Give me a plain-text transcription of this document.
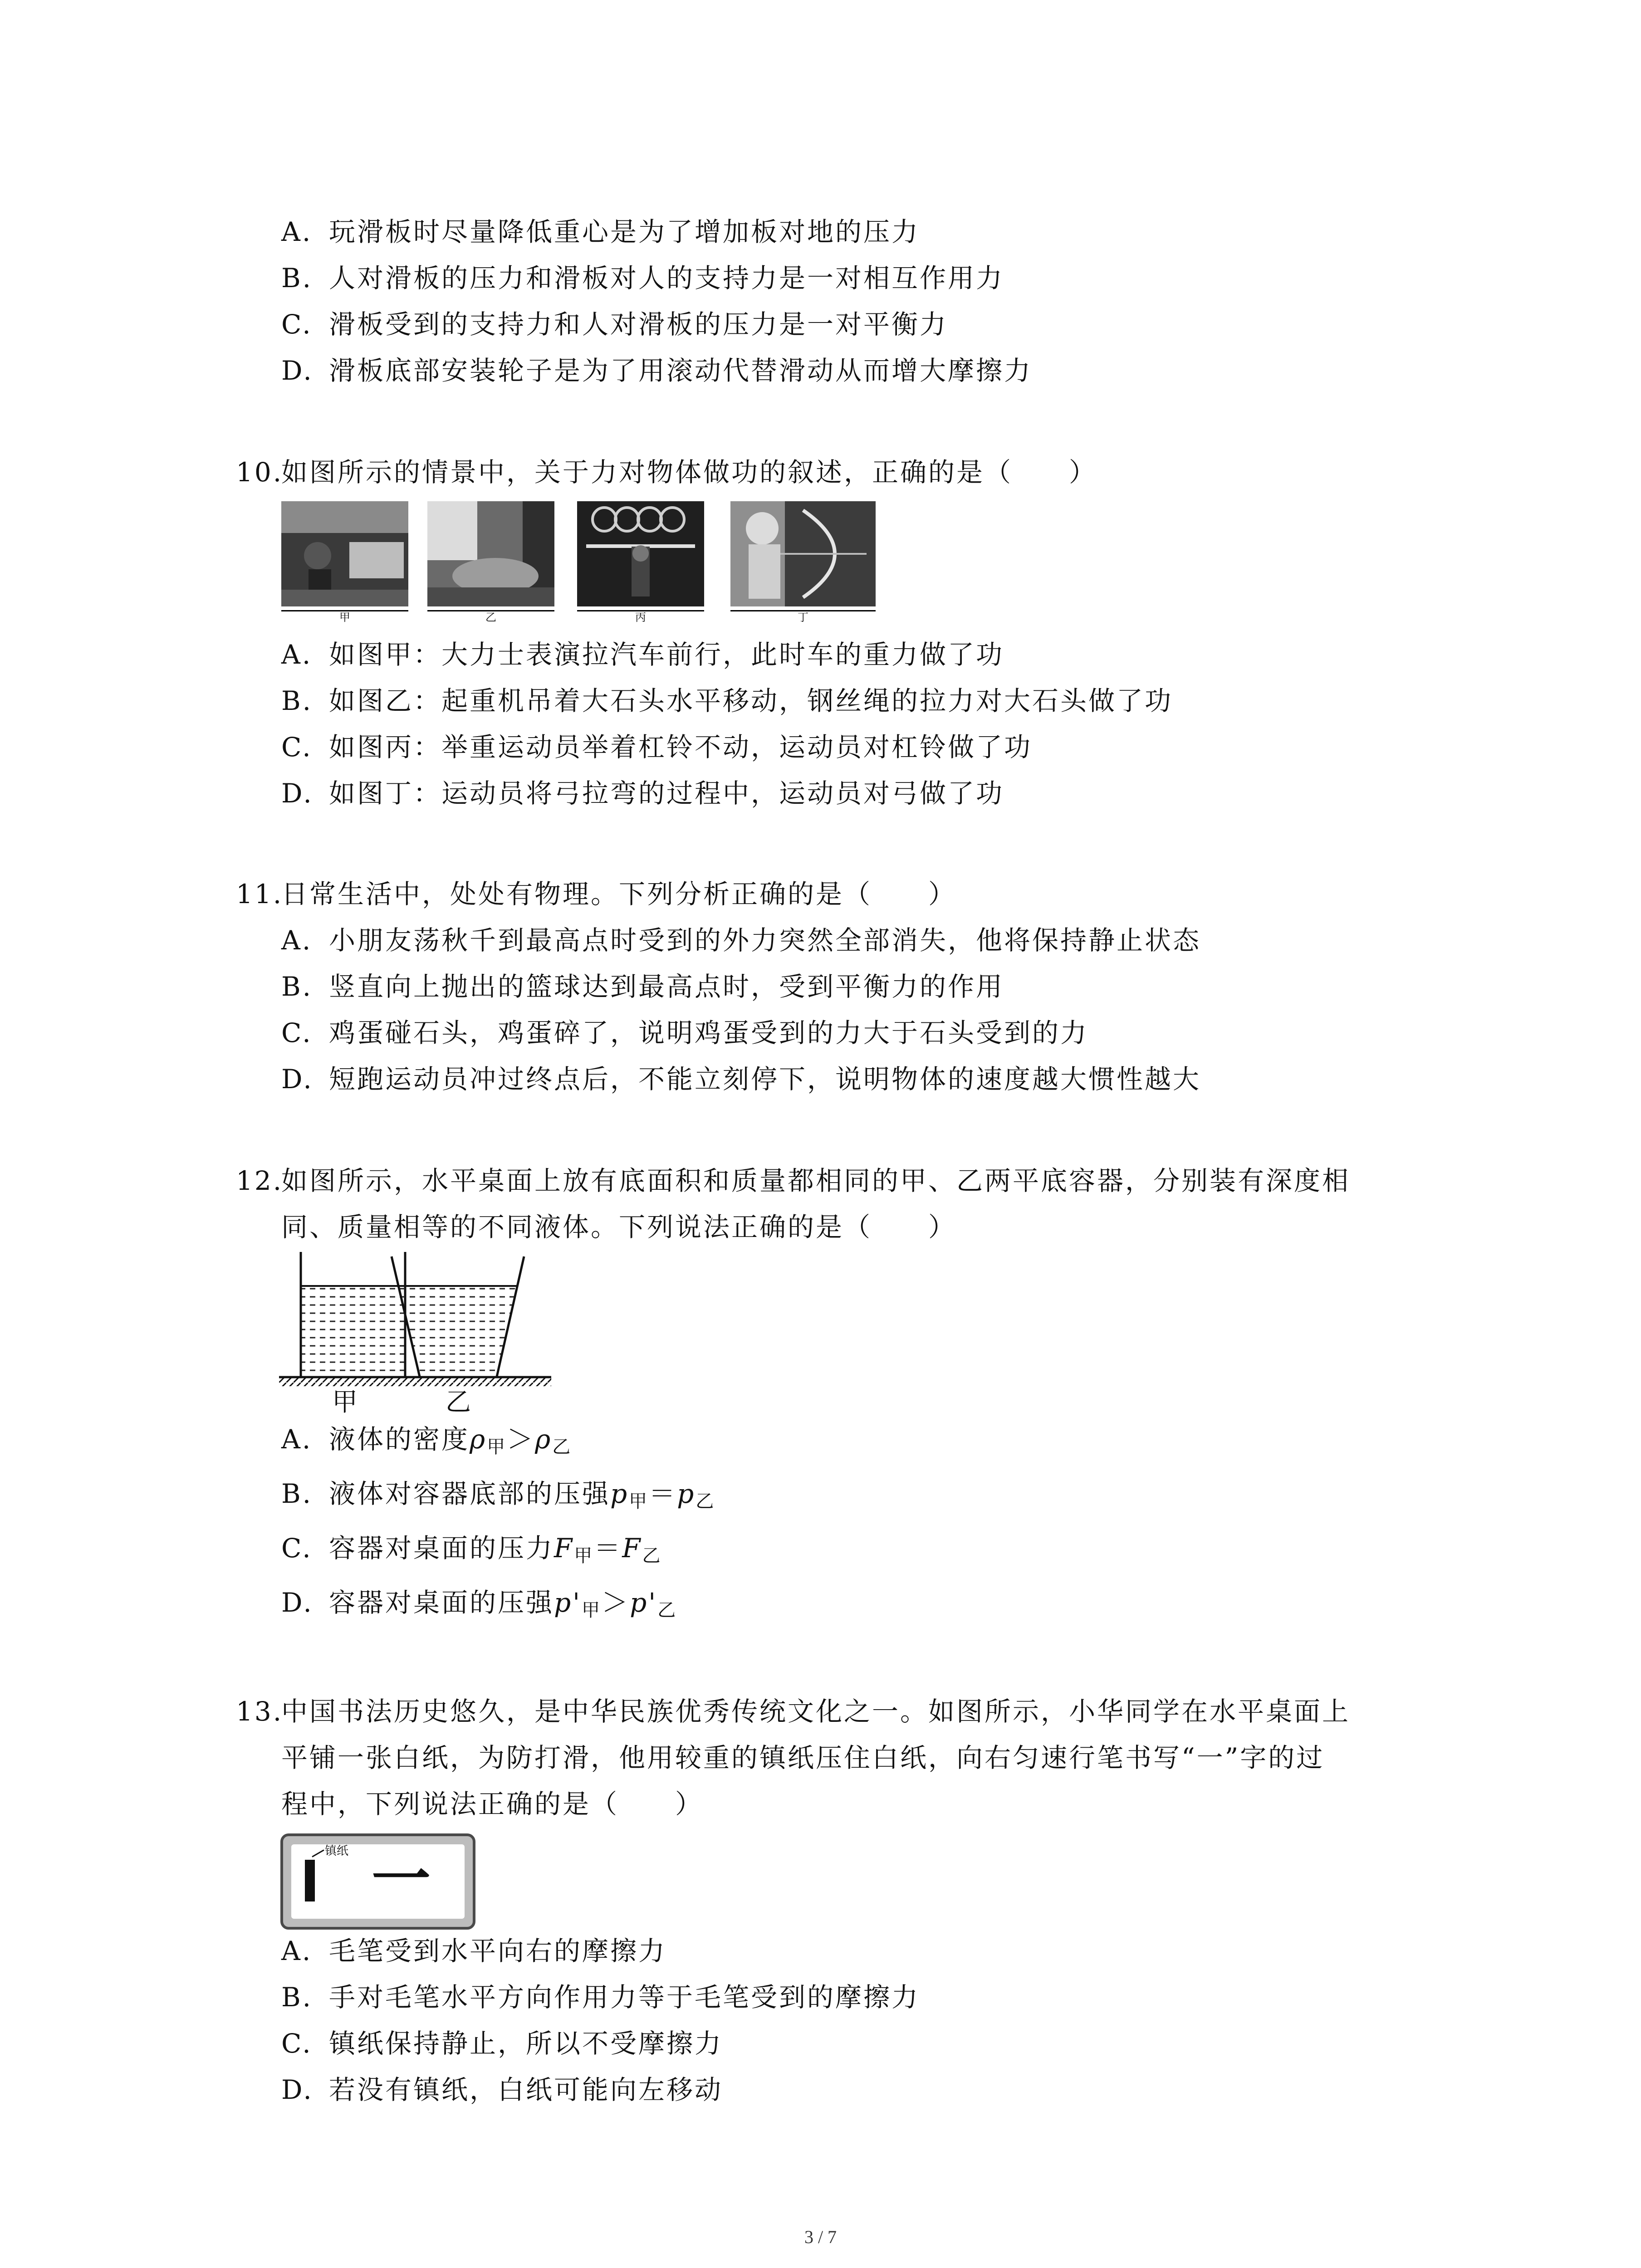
A. 玩滑板时尽量降低重心是为了增加板对地的压力
B. 人对滑板的压力和滑板对人的支持力是一对相互作用力
C. 滑板受到的支持力和人对滑板的压力是一对平衡力
D. 滑板底部安装轮子是为了用滚动代替滑动从而增大摩擦力
10.如图所示的情景中，关于力对物体做功的叙述，正确的是（　　）
甲	乙	丙	丁
A. 如图甲：大力士表演拉汽车前行，此时车的重力做了功
B. 如图乙：起重机吊着大石头水平移动，钢丝绳的拉力对大石头做了功
C. 如图丙：举重运动员举着杠铃不动，运动员对杠铃做了功
D. 如图丁：运动员将弓拉弯的过程中，运动员对弓做了功
11.日常生活中，处处有物理。下列分析正确的是（　　）
A. 小朋友荡秋千到最高点时受到的外力突然全部消失，他将保持静止状态
B. 竖直向上抛出的篮球达到最高点时，受到平衡力的作用
C. 鸡蛋碰石头，鸡蛋碎了，说明鸡蛋受到的力大于石头受到的力
D. 短跑运动员冲过终点后，不能立刻停下，说明物体的速度越大惯性越大
12.如图所示，水平桌面上放有底面积和质量都相同的甲、乙两平底容器，分别装有深度相
同、质量相等的不同液体。下列说法正确的是（　　）
甲	乙
A. 液体的密度$\rho_甲>\rho_乙$
B. 液体对容器底部的压强$p_甲=p_乙$
C. 容器对桌面的压力$F_甲=F_乙$
D. 容器对桌面的压强$p'_甲>p'_乙$
13.中国书法历史悠久，是中华民族优秀传统文化之一。如图所示，小华同学在水平桌面上
平铺一张白纸，为防打滑，他用较重的镇纸压住白纸，向右匀速行笔书写“一”字的过
程中，下列说法正确的是（　　）
镇纸 一
A. 毛笔受到水平向右的摩擦力
B. 手对毛笔水平方向作用力等于毛笔受到的摩擦力
C. 镇纸保持静止，所以不受摩擦力
D. 若没有镇纸，白纸可能向左移动
3 / 7
